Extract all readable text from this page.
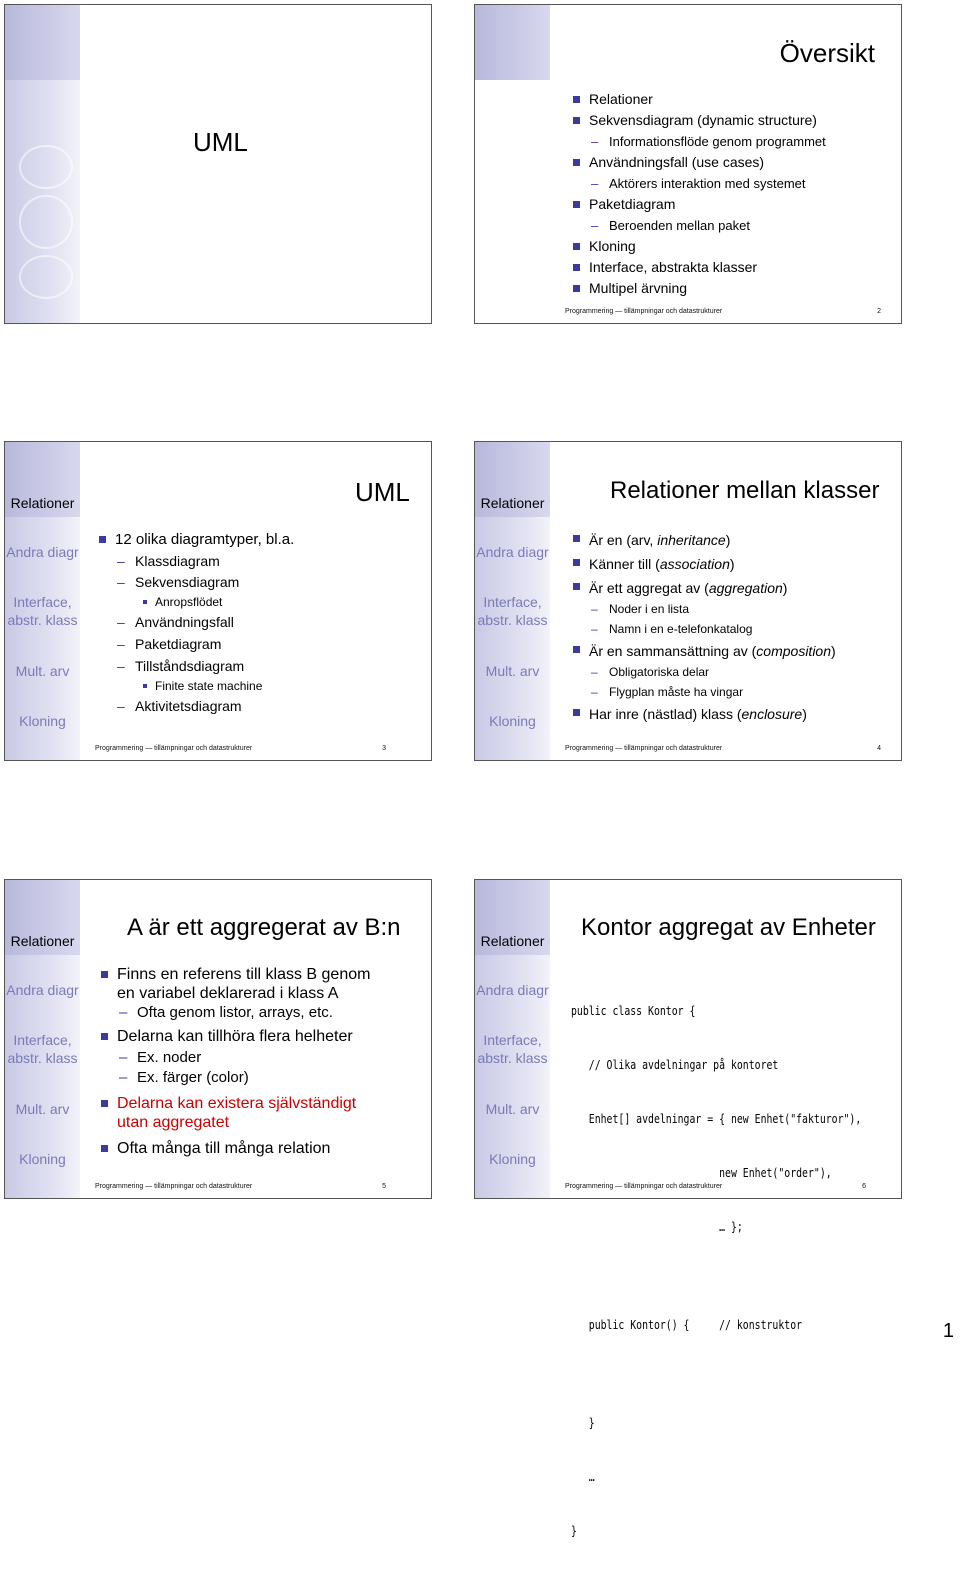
UML
Översikt
Relationer
Sekvensdiagram (dynamic structure)
– Informationsflöde genom programmet
Användningsfall (use cases)
– Aktörers interaktion med systemet
Paketdiagram
– Beroenden mellan paket
Kloning
Interface, abstrakta klasser
Multipel ärvning
Programmering — tillämpningar och datastrukturer	2
Relationer
Andra diagr
Interface,
abstr. klass
Mult. arv
Kloning
UML
12 olika diagramtyper, bl.a.
– Klassdiagram
– Sekvensdiagram
Anropsflödet
– Användningsfall
– Paketdiagram
– Tillståndsdiagram
Finite state machine
– Aktivitetsdiagram
Programmering — tillämpningar och datastrukturer	3
Relationer
Andra diagr
Interface,
abstr. klass
Mult. arv
Kloning
Relationer mellan klasser
Är en (arv, inheritance)
Känner till (association)
Är ett aggregat av (aggregation)
– Noder i en lista
– Namn i en e-telefonkatalog
Är en sammansättning av (composition)
– Obligatoriska delar
– Flygplan måste ha vingar
Har inre (nästlad) klass (enclosure)
Programmering — tillämpningar och datastrukturer	4
Relationer
Andra diagr
Interface,
abstr. klass
Mult. arv
Kloning
A är ett aggregerat av B:n
Finns en referens till klass B genom
en variabel deklarerad i klass A
– Ofta genom listor, arrays, etc.
Delarna kan tillhöra flera helheter
– Ex. noder
– Ex. färger (color)
Delarna kan existera självständigt
utan aggregatet
Ofta många till många relation
Programmering — tillämpningar och datastrukturer	5
Relationer
Andra diagr
Interface,
abstr. klass
Mult. arv
Kloning
Kontor aggregat av Enheter

public class Kontor {

// Olika avdelningar på kontoret

Enhet[] avdelningar = { new Enhet("fakturor"),

new Enhet("order"),

… };

public Kontor() {     // konstruktor

}

…

}

Programmering — tillämpningar och datastrukturer	6
1
